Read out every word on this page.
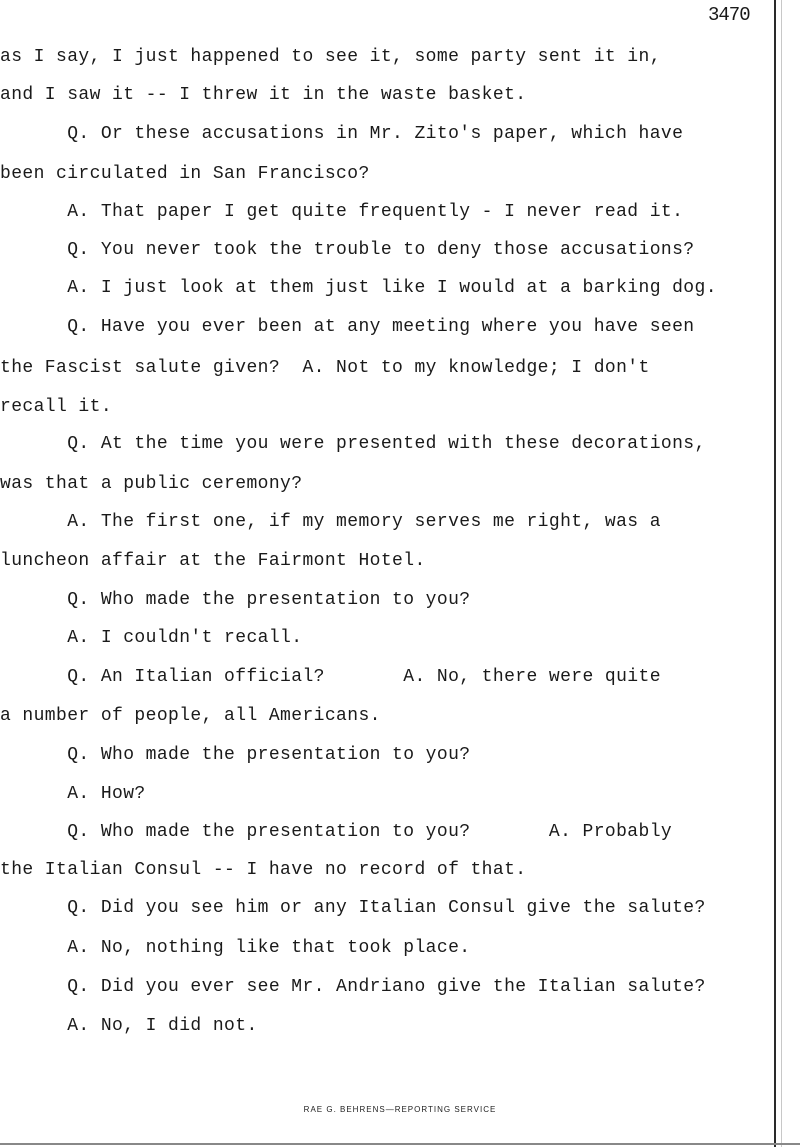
3470
as I say, I just happened to see it, some party sent it in,
and I saw it -- I threw it in the waste basket.
Q. Or these accusations in Mr. Zito's paper, which have
been circulated in San Francisco?
A. That paper I get quite frequently - I never read it.
Q. You never took the trouble to deny those accusations?
A. I just look at them just like I would at a barking dog.
Q. Have you ever been at any meeting where you have seen
the Fascist salute given?  A. Not to my knowledge; I don't
recall it.
Q. At the time you were presented with these decorations,
was that a public ceremony?
A. The first one, if my memory serves me right, was a
luncheon affair at the Fairmont Hotel.
Q. Who made the presentation to you?
A. I couldn't recall.
Q. An Italian official?       A. No, there were quite
a number of people, all Americans.
Q. Who made the presentation to you?
A. How?
Q. Who made the presentation to you?       A. Probably
the Italian Consul -- I have no record of that.
Q. Did you see him or any Italian Consul give the salute?
A. No, nothing like that took place.
Q. Did you ever see Mr. Andriano give the Italian salute?
A. No, I did not.
RAE G. BEHRENS—REPORTING SERVICE
